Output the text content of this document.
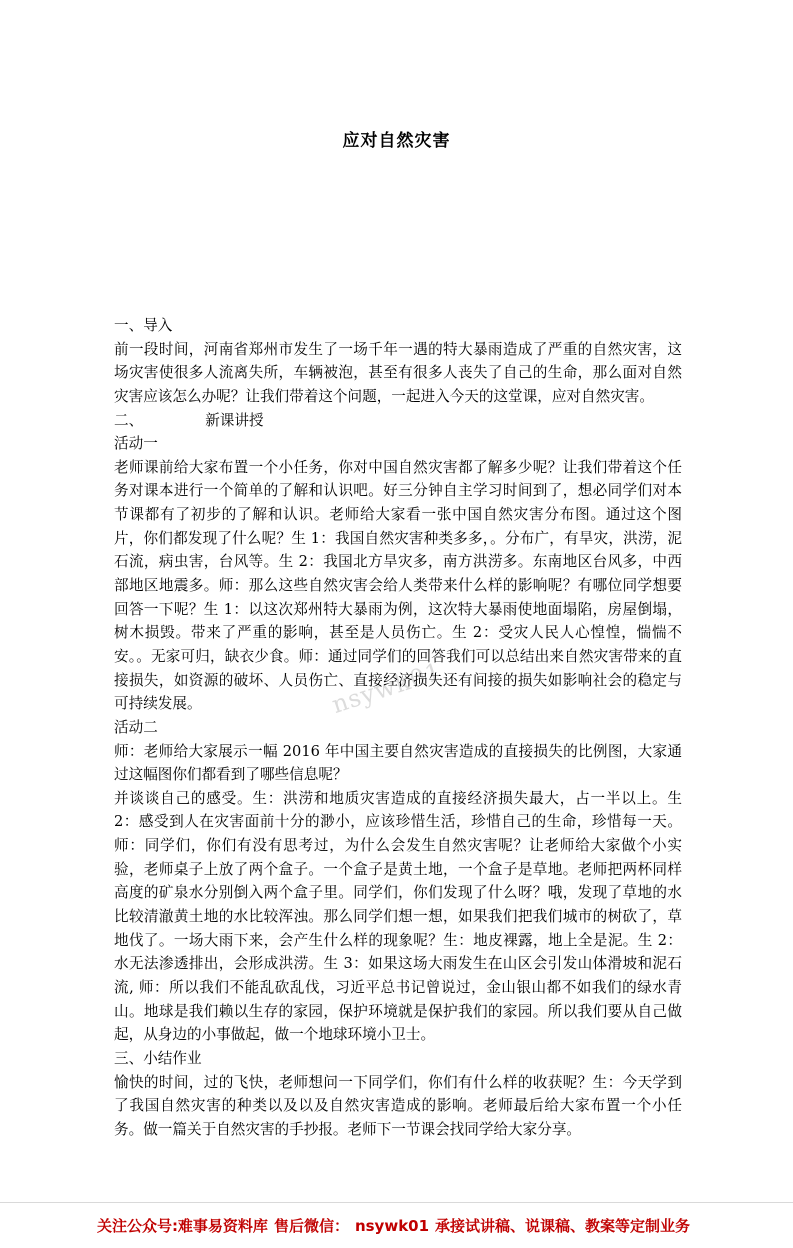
应对自然灾害
nsywk01

一、导入

前一段时间，河南省郑州市发生了一场千年一遇的特大暴雨造成了严重的自然灾害，这场灾害使很多人流离失所，车辆被泡，甚至有很多人丧失了自己的生命，那么面对自然灾害应该怎么办呢？让我们带着这个问题，一起进入今天的这堂课，应对自然灾害。

二、	新课讲授

活动一

老师课前给大家布置一个小任务，你对中国自然灾害都了解多少呢？让我们带着这个任务对课本进行一个简单的了解和认识吧。好三分钟自主学习时间到了，想必同学们对本节课都有了初步的了解和认识。老师给大家看一张中国自然灾害分布图。通过这个图片，你们都发现了什么呢？生 1：我国自然灾害种类多多，。分布广，有旱灾，洪涝，泥石流，病虫害，台风等。生 2：我国北方旱灾多，南方洪涝多。东南地区台风多，中西部地区地震多。师：那么这些自然灾害会给人类带来什么样的影响呢？有哪位同学想要回答一下呢？生 1：以这次郑州特大暴雨为例，这次特大暴雨使地面塌陷，房屋倒塌，树木损毁。带来了严重的影响，甚至是人员伤亡。生 2：受灾人民人心惶惶，惴惴不安。。无家可归，缺衣少食。师：通过同学们的回答我们可以总结出来自然灾害带来的直接损失，如资源的破坏、人员伤亡、直接经济损失还有间接的损失如影响社会的稳定与可持续发展。

活动二

师：老师给大家展示一幅 2016 年中国主要自然灾害造成的直接损失的比例图，大家通过这幅图你们都看到了哪些信息呢？

并谈谈自己的感受。生：洪涝和地质灾害造成的直接经济损失最大，占一半以上。生 2：感受到人在灾害面前十分的渺小，应该珍惜生活，珍惜自己的生命，珍惜每一天。师：同学们，你们有没有思考过，为什么会发生自然灾害呢？让老师给大家做个小实验，老师桌子上放了两个盒子。一个盒子是黄土地，一个盒子是草地。老师把两杯同样高度的矿泉水分别倒入两个盒子里。同学们，你们发现了什么呀？哦，发现了草地的水比较清澈黄土地的水比较浑浊。那么同学们想一想，如果我们把我们城市的树砍了，草地伐了。一场大雨下来，会产生什么样的现象呢？生：地皮裸露，地上全是泥。生 2：水无法渗透排出，会形成洪涝。生 3：如果这场大雨发生在山区会引发山体滑坡和泥石流, 师：所以我们不能乱砍乱伐，习近平总书记曾说过，金山银山都不如我们的绿水青山。地球是我们赖以生存的家园，保护环境就是保护我们的家园。所以我们要从自己做起，从身边的小事做起，做一个地球环境小卫士。

三、小结作业

愉快的时间，过的飞快，老师想问一下同学们，你们有什么样的收获呢？生：今天学到了我国自然灾害的种类以及以及自然灾害造成的影响。老师最后给大家布置一个小任务。做一篇关于自然灾害的手抄报。老师下一节课会找同学给大家分享。

关注公众号:难事易资料库 售后微信： nsywk01 承接试讲稿、说课稿、教案等定制业务
